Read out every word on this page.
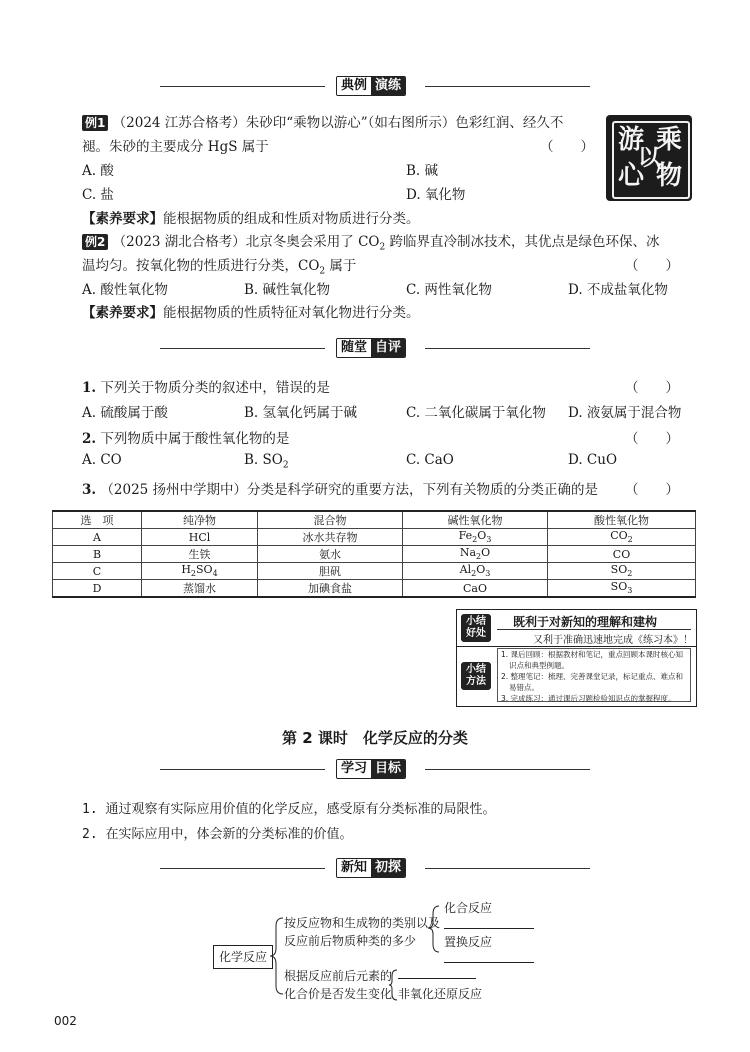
典例 演练
例1 （2024 江苏合格考）朱砂印“乘物以游心”（如右图所示）色彩红润、经久不
褪。朱砂的主要成分 HgS 属于	（　　）
A. 酸	B. 碱
C. 盐	D. 氧化物
【素养要求】能根据物质的组成和性质对物质进行分类。
乘
物
以
游
心
例2 （2023 湖北合格考）北京冬奥会采用了 $CO_2$ 跨临界直冷制冰技术，其优点是绿色环保、冰
温均匀。按氧化物的性质进行分类，$CO_2$ 属于	（　　）
A. 酸性氧化物	B. 碱性氧化物	C. 两性氧化物	D. 不成盐氧化物
【素养要求】能根据物质的性质特征对氧化物进行分类。
随堂 自评
1. 下列关于物质分类的叙述中，错误的是	（　　）
A. 硫酸属于酸	B. 氢氧化钙属于碱	C. 二氧化碳属于氧化物 D. 液氨属于混合物
2. 下列物质中属于酸性氧化物的是	（　　）
A. CO	B. $SO_2$	C. CaO	D. CuO
3. （2025 扬州中学期中）分类是科学研究的重要方法，下列有关物质的分类正确的是 （　　）
选　项	纯净物	混合物	碱性氧化物	酸性氧化物
A	HCl	冰水共存物	$Fe_2O_3$	$CO_2$
B	生铁	氨水	$Na_2O$	CO
C	$H_2SO_4$	胆矾	$Al_2O_3$	$SO_2$
D	蒸馏水	加碘食盐	CaO	$SO_3$
小结
好处
既利于对新知的理解和建构
又利于准确迅速地完成《练习本》！
小结
方法
1. 课后回顾：根据教材和笔记，重点回顾本课时核心知
识点和典型例题。
2. 整理笔记：梳理、完善课堂记录，标记重点、难点和
易错点。
3. 完成练习：通过课后习题检验知识点的掌握程度。
第 2 课时　化学反应的分类
学习 目标
1. 通过观察有实际应用价值的化学反应，感受原有分类标准的局限性。
2. 在实际应用中，体会新的分类标准的价值。
新知 初探
化学反应
按反应物和生成物的类别以及
反应前后物质种类的多少
根据反应前后元素的
化合价是否发生变化
化合反应
置换反应
非氧化还原反应
002
